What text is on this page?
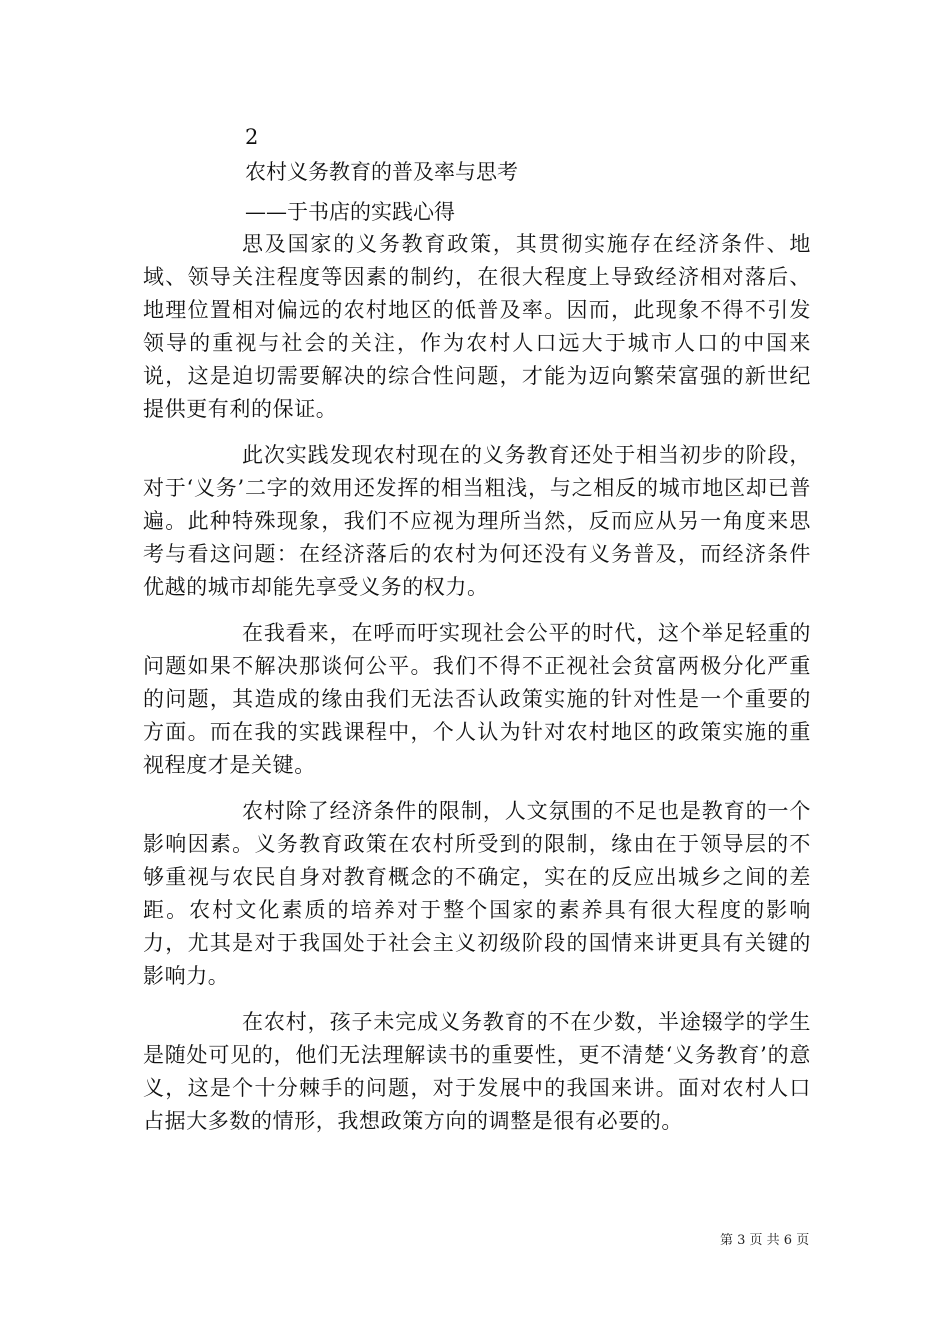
2
农村义务教育的普及率与思考
——于书店的实践心得

思及国家的义务教育政策，其贯彻实施存在经济条件、地域、领导关注程度等因素的制约，在很大程度上导致经济相对落后、地理位置相对偏远的农村地区的低普及率。因而，此现象不得不引发领导的重视与社会的关注，作为农村人口远大于城市人口的中国来说，这是迫切需要解决的综合性问题，才能为迈向繁荣富强的新世纪提供更有利的保证。

此次实践发现农村现在的义务教育还处于相当初步的阶段，对于‘义务’二字的效用还发挥的相当粗浅，与之相反的城市地区却已普遍。此种特殊现象，我们不应视为理所当然，反而应从另一角度来思考与看这问题：在经济落后的农村为何还没有义务普及，而经济条件优越的城市却能先享受义务的权力。

在我看来，在呼而吁实现社会公平的时代，这个举足轻重的问题如果不解决那谈何公平。我们不得不正视社会贫富两极分化严重的问题，其造成的缘由我们无法否认政策实施的针对性是一个重要的方面。而在我的实践课程中，个人认为针对农村地区的政策实施的重视程度才是关键。

农村除了经济条件的限制，人文氛围的不足也是教育的一个影响因素。义务教育政策在农村所受到的限制，缘由在于领导层的不够重视与农民自身对教育概念的不确定，实在的反应出城乡之间的差距。农村文化素质的培养对于整个国家的素养具有很大程度的影响力，尤其是对于我国处于社会主义初级阶段的国情来讲更具有关键的影响力。

在农村，孩子未完成义务教育的不在少数，半途辍学的学生是随处可见的，他们无法理解读书的重要性，更不清楚‘义务教育’的意义，这是个十分棘手的问题，对于发展中的我国来讲。面对农村人口占据大多数的情形，我想政策方向的调整是很有必要的。

第 3 页 共 6 页
